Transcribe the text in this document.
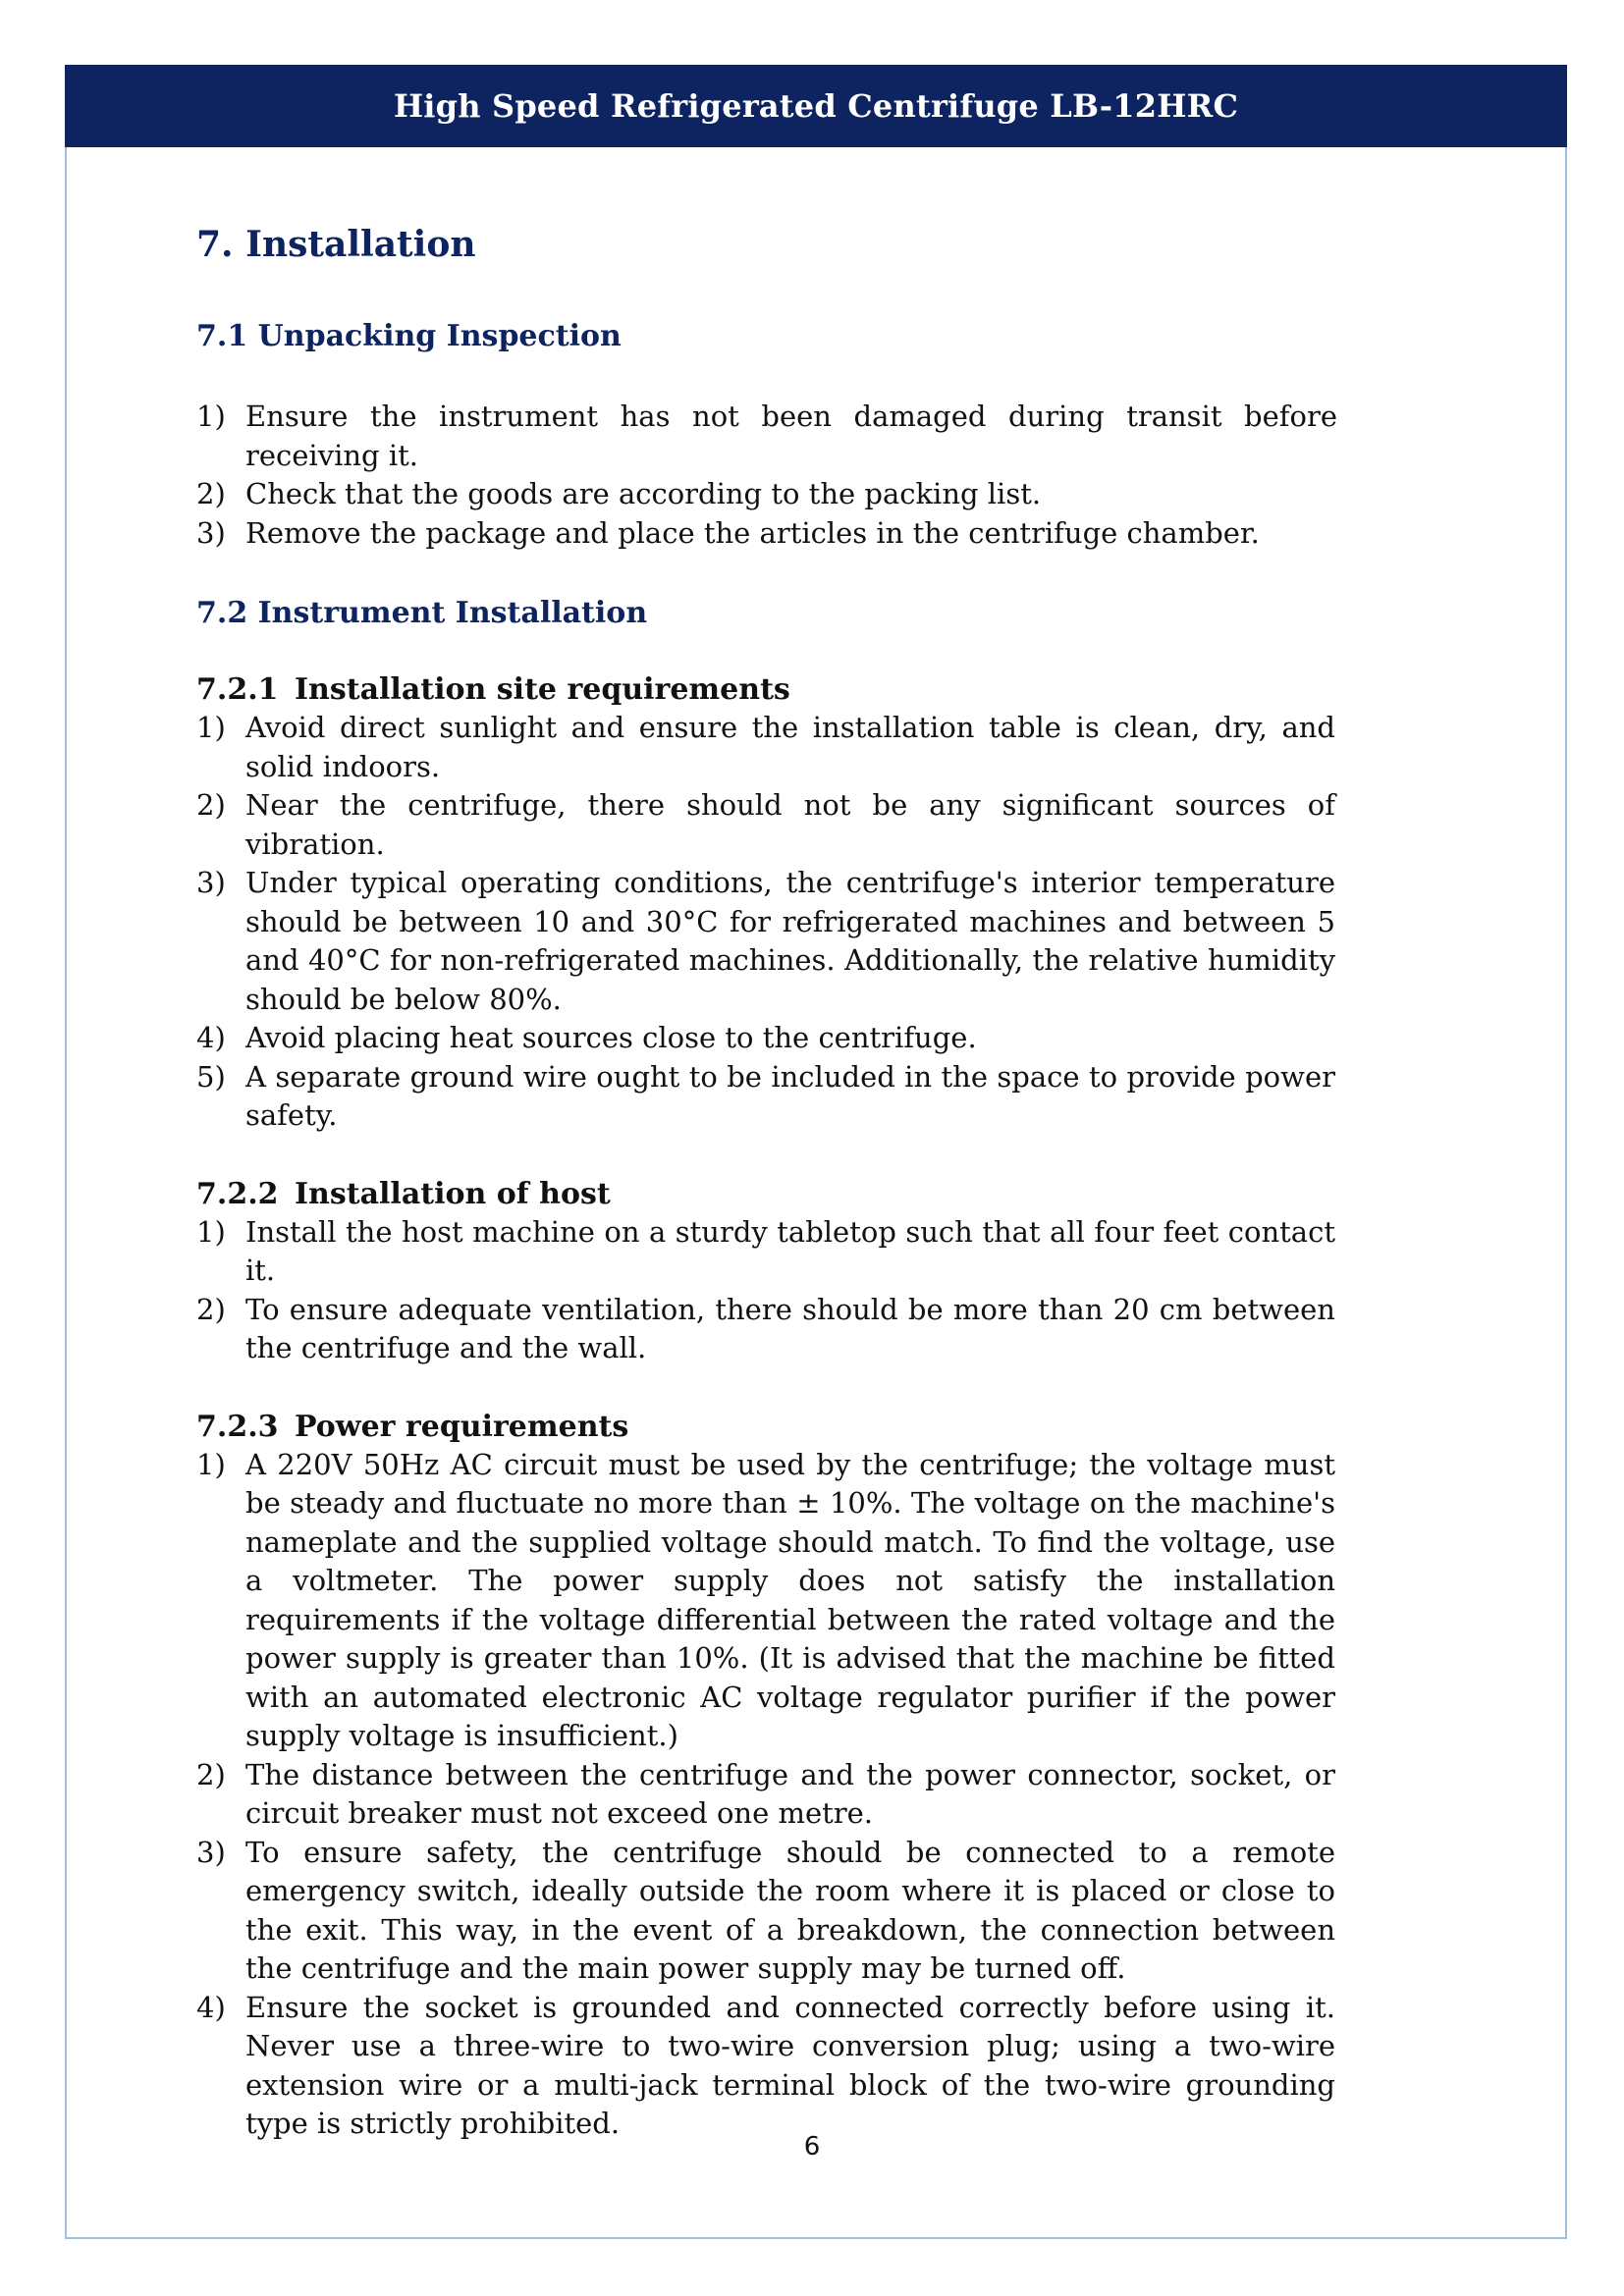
High Speed Refrigerated Centrifuge LB-12HRC
7. Installation
7.1 Unpacking Inspection
1) Ensure the instrument has not been damaged during transit before receiving it.
2) Check that the goods are according to the packing list.
3) Remove the package and place the articles in the centrifuge chamber.
7.2 Instrument Installation
7.2.1 Installation site requirements
1) Avoid direct sunlight and ensure the installation table is clean, dry, and solid indoors.
2) Near the centrifuge, there should not be any significant sources of vibration.
3) Under typical operating conditions, the centrifuge's interior temperature should be between 10 and 30°C for refrigerated machines and between 5 and 40°C for non-refrigerated machines. Additionally, the relative humidity should be below 80%.
4) Avoid placing heat sources close to the centrifuge.
5) A separate ground wire ought to be included in the space to provide power safety.
7.2.2 Installation of host
1) Install the host machine on a sturdy tabletop such that all four feet contact it.
2) To ensure adequate ventilation, there should be more than 20 cm between the centrifuge and the wall.
7.2.3 Power requirements
1) A 220V 50Hz AC circuit must be used by the centrifuge; the voltage must be steady and fluctuate no more than ± 10%. The voltage on the machine's nameplate and the supplied voltage should match. To find the voltage, use a voltmeter. The power supply does not satisfy the installation requirements if the voltage differential between the rated voltage and the power supply is greater than 10%. (It is advised that the machine be fitted with an automated electronic AC voltage regulator purifier if the power supply voltage is insufficient.)
2) The distance between the centrifuge and the power connector, socket, or circuit breaker must not exceed one metre.
3) To ensure safety, the centrifuge should be connected to a remote emergency switch, ideally outside the room where it is placed or close to the exit. This way, in the event of a breakdown, the connection between the centrifuge and the main power supply may be turned off.
4) Ensure the socket is grounded and connected correctly before using it. Never use a three-wire to two-wire conversion plug; using a two-wire extension wire or a multi-jack terminal block of the two-wire grounding type is strictly prohibited.
6
